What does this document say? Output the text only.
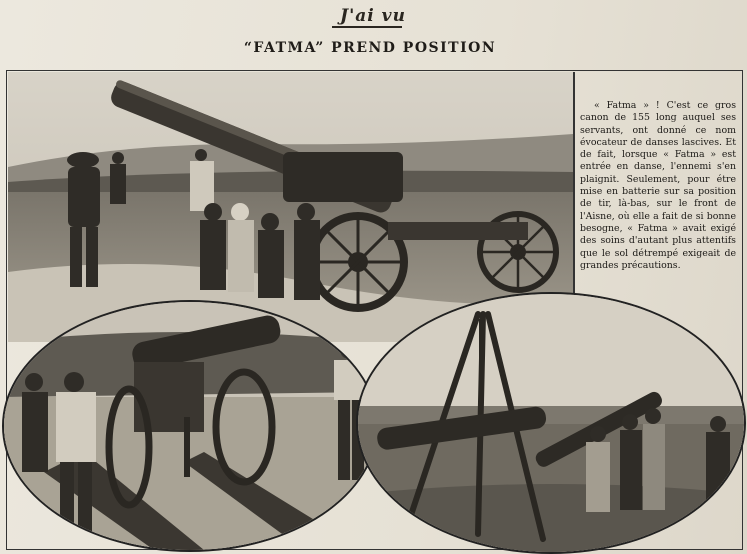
J'ai vu
“FATMA” PREND POSITION
« Fatma » ! C'est ce gros canon de 155 long auquel ses servants, ont donné ce nom évocateur de danses lascives. Et de fait, lorsque « Fatma » est entrée en danse, l'ennemi s'en plaignit. Seulement, pour étre mise en batterie sur sa position de tir, là-bas, sur le front de l'Aisne, où elle a fait de si bonne besogne, « Fatma » avait exigé des soins d'autant plus attentifs que le sol détrempé exigeait de grandes précautions.
